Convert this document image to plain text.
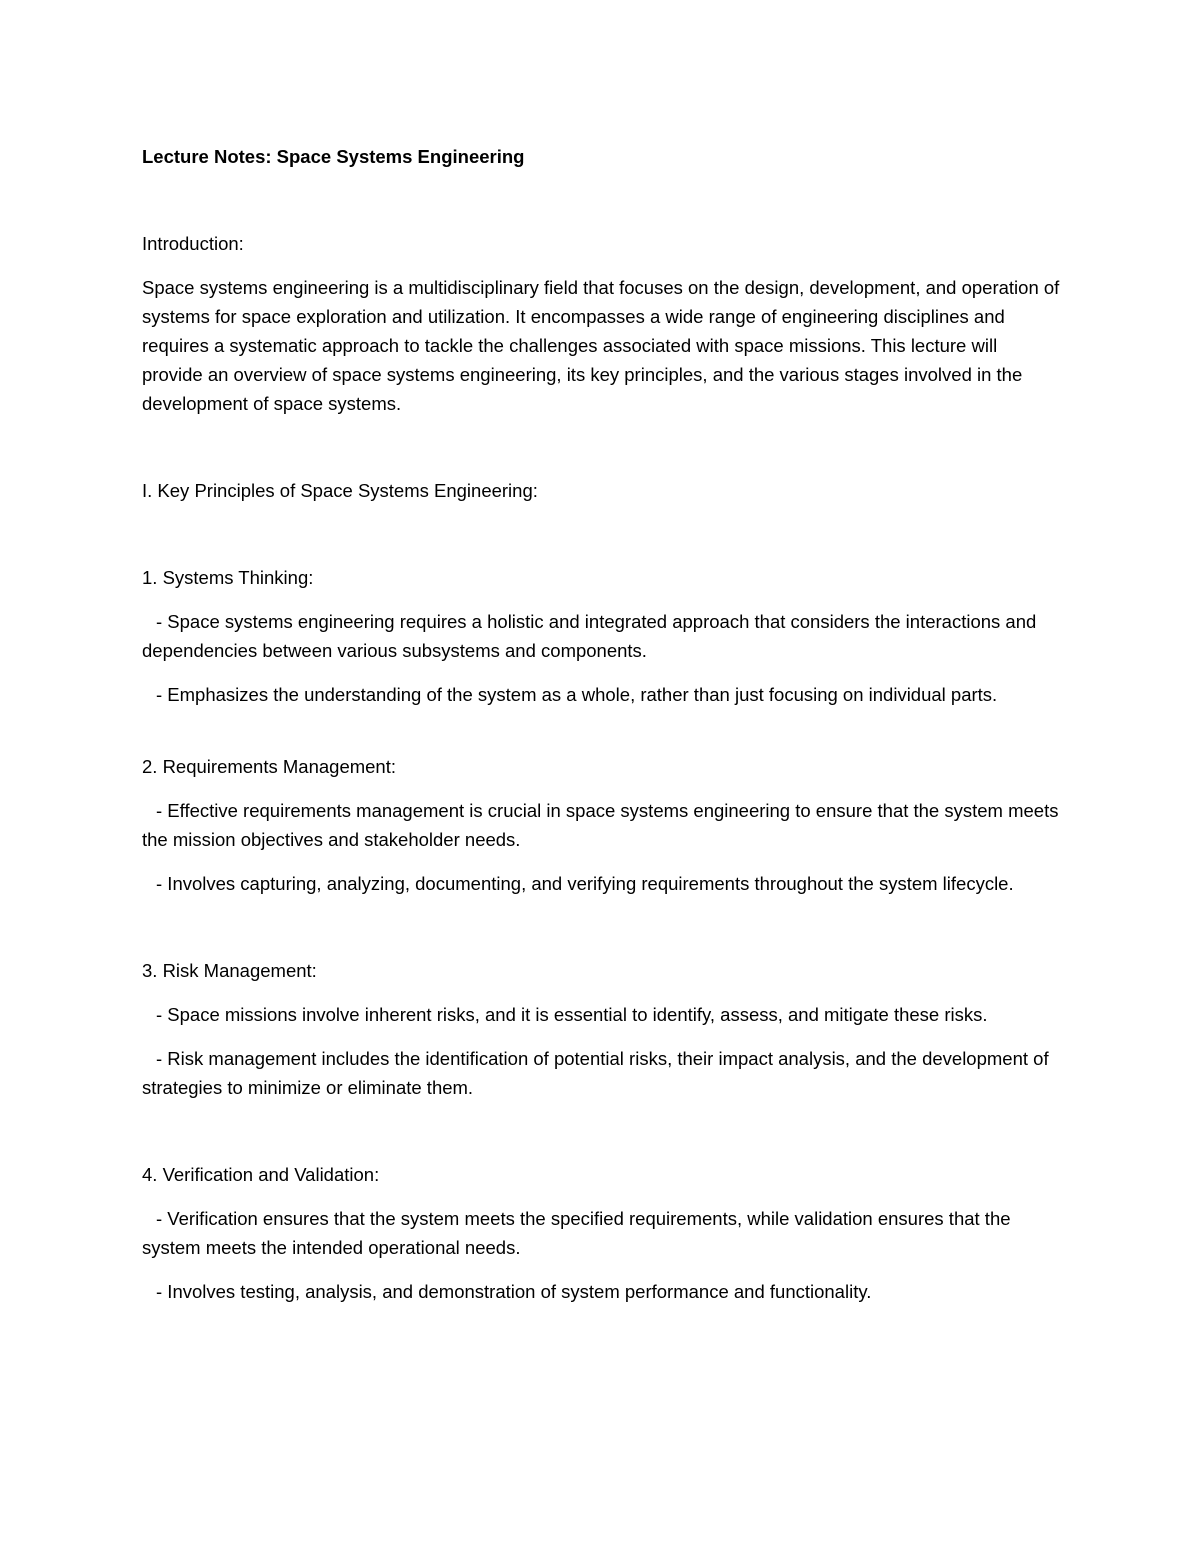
Lecture Notes: Space Systems Engineering

Introduction:

Space systems engineering is a multidisciplinary field that focuses on the design, development, and operation of systems for space exploration and utilization. It encompasses a wide range of engineering disciplines and requires a systematic approach to tackle the challenges associated with space missions. This lecture will provide an overview of space systems engineering, its key principles, and the various stages involved in the development of space systems.

I. Key Principles of Space Systems Engineering:

1. Systems Thinking:

- Space systems engineering requires a holistic and integrated approach that considers the interactions and dependencies between various subsystems and components.

- Emphasizes the understanding of the system as a whole, rather than just focusing on individual parts.

2. Requirements Management:

- Effective requirements management is crucial in space systems engineering to ensure that the system meets the mission objectives and stakeholder needs.

- Involves capturing, analyzing, documenting, and verifying requirements throughout the system lifecycle.

3. Risk Management:

- Space missions involve inherent risks, and it is essential to identify, assess, and mitigate these risks.

- Risk management includes the identification of potential risks, their impact analysis, and the development of strategies to minimize or eliminate them.

4. Verification and Validation:

- Verification ensures that the system meets the specified requirements, while validation ensures that the system meets the intended operational needs.

- Involves testing, analysis, and demonstration of system performance and functionality.
